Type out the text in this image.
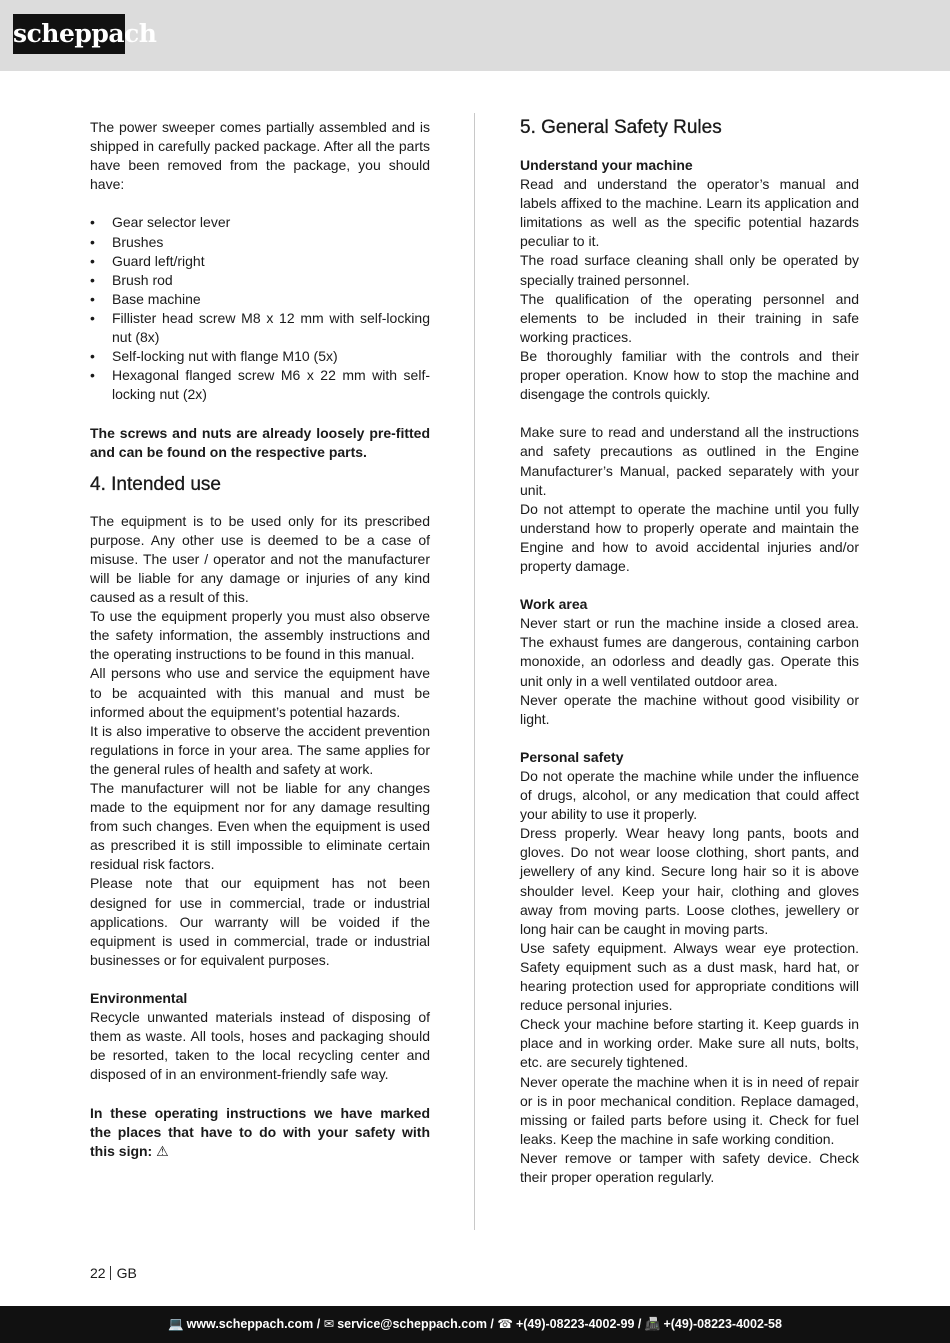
scheppach

The power sweeper comes partially assembled and is shipped in carefully packed package. After all the parts have been removed from the package, you should have:

• Gear selector lever
• Brushes
• Guard left/right
• Brush rod
• Base machine
• Fillister head screw M8 x 12 mm with self-locking nut (8x)
• Self-locking nut with flange M10 (5x)
• Hexagonal flanged screw M6 x 22 mm with self-locking nut (2x)

The screws and nuts are already loosely pre-fitted and can be found on the respective parts.

4. Intended use

The equipment is to be used only for its prescribed purpose. Any other use is deemed to be a case of misuse. The user / operator and not the manufacturer will be liable for any damage or injuries of any kind caused as a result of this.

To use the equipment properly you must also observe the safety information, the assembly instructions and the operating instructions to be found in this manual.

All persons who use and service the equipment have to be acquainted with this manual and must be informed about the equipment’s potential hazards.

It is also imperative to observe the accident prevention regulations in force in your area. The same applies for the general rules of health and safety at work.

The manufacturer will not be liable for any changes made to the equipment nor for any damage resulting from such changes. Even when the equipment is used as prescribed it is still impossible to eliminate certain residual risk factors.

Please note that our equipment has not been designed for use in commercial, trade or industrial applications. Our warranty will be voided if the equipment is used in commercial, trade or industrial businesses or for equivalent purposes.

Environmental

Recycle unwanted materials instead of disposing of them as waste. All tools, hoses and packaging should be resorted, taken to the local recycling center and disposed of in an environment-friendly safe way.

In these operating instructions we have marked the places that have to do with your safety with this sign: ⚠

5. General Safety Rules

Understand your machine

Read and understand the operator’s manual and labels affixed to the machine. Learn its application and limitations as well as the specific potential hazards peculiar to it.

The road surface cleaning shall only be operated by specially trained personnel.

The qualification of the operating personnel and elements to be included in their training in safe working practices.

Be thoroughly familiar with the controls and their proper operation. Know how to stop the machine and disengage the controls quickly.

Make sure to read and understand all the instructions and safety precautions as outlined in the Engine Manufacturer’s Manual, packed separately with your unit.

Do not attempt to operate the machine until you fully understand how to properly operate and maintain the Engine and how to avoid accidental injuries and/or property damage.

Work area

Never start or run the machine inside a closed area. The exhaust fumes are dangerous, containing carbon monoxide, an odorless and deadly gas. Operate this unit only in a well ventilated outdoor area.

Never operate the machine without good visibility or light.

Personal safety

Do not operate the machine while under the influence of drugs, alcohol, or any medication that could affect your ability to use it properly.

Dress properly. Wear heavy long pants, boots and gloves. Do not wear loose clothing, short pants, and jewellery of any kind. Secure long hair so it is above shoulder level. Keep your hair, clothing and gloves away from moving parts. Loose clothes, jewellery or long hair can be caught in moving parts.

Use safety equipment. Always wear eye protection. Safety equipment such as a dust mask, hard hat, or hearing protection used for appropriate conditions will reduce personal injuries.

Check your machine before starting it. Keep guards in place and in working order. Make sure all nuts, bolts, etc. are securely tightened.

Never operate the machine when it is in need of repair or is in poor mechanical condition. Replace damaged, missing or failed parts before using it. Check for fuel leaks. Keep the machine in safe working condition.

Never remove or tamper with safety device. Check their proper operation regularly.

22 GB
💻 www.scheppach.com / ✉ service@scheppach.com / ☎ +(49)-08223-4002-99 / 📠 +(49)-08223-4002-58
